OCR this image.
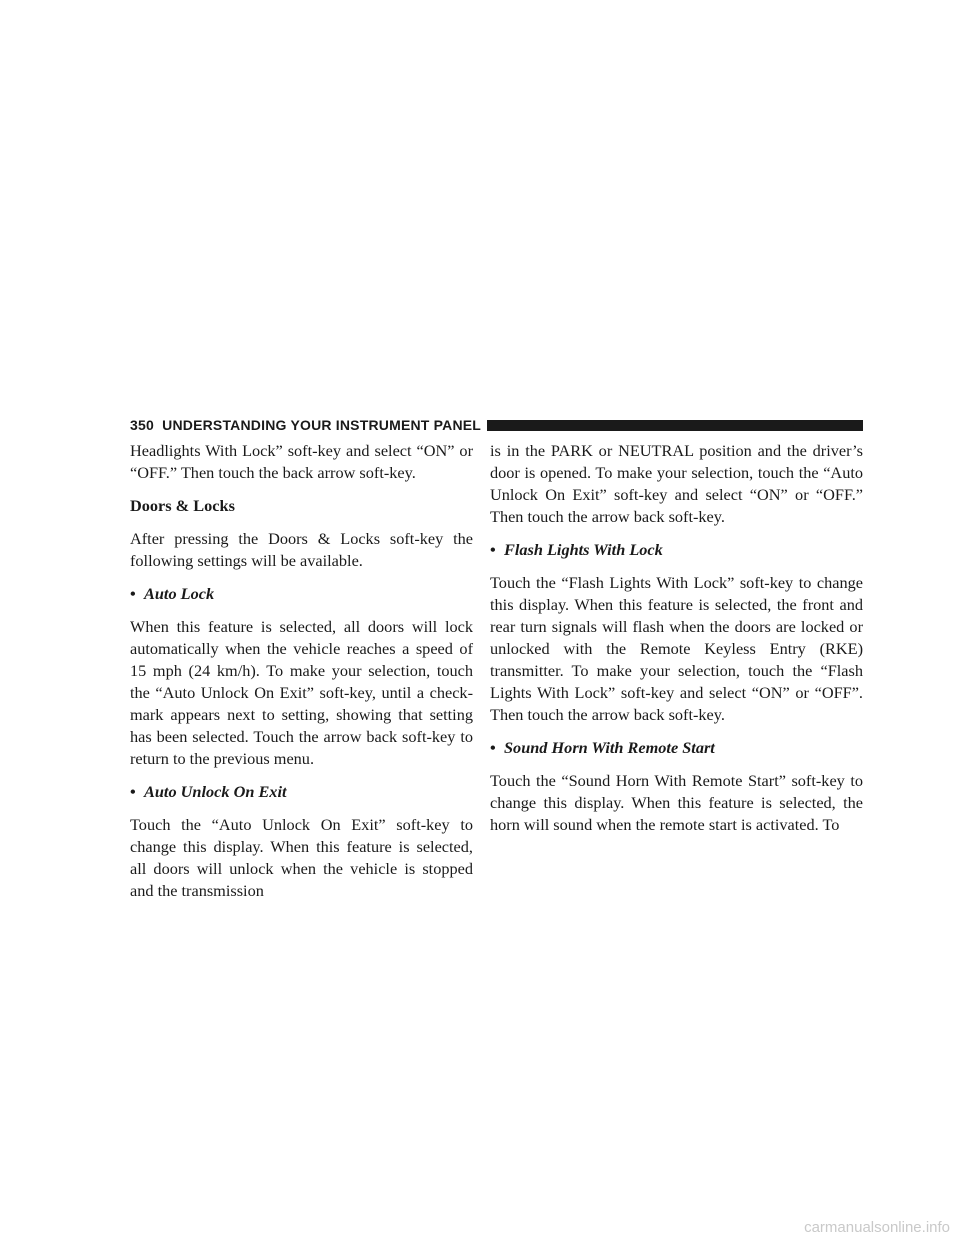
350 UNDERSTANDING YOUR INSTRUMENT PANEL

Headlights With Lock” soft-key and select “ON” or “OFF.” Then touch the back arrow soft-key.

Doors & Locks

After pressing the Doors & Locks soft-key the following settings will be available.

• Auto Lock

When this feature is selected, all doors will lock automatically when the vehicle reaches a speed of 15 mph (24 km/h). To make your selection, touch the “Auto Unlock On Exit” soft-key, until a check-mark appears next to setting, showing that setting has been selected. Touch the arrow back soft-key to return to the previous menu.

• Auto Unlock On Exit

Touch the “Auto Unlock On Exit” soft-key to change this display. When this feature is selected, all doors will unlock when the vehicle is stopped and the transmission

is in the PARK or NEUTRAL position and the driver’s door is opened. To make your selection, touch the “Auto Unlock On Exit” soft-key and select “ON” or “OFF.” Then touch the arrow back soft-key.

• Flash Lights With Lock

Touch the “Flash Lights With Lock” soft-key to change this display. When this feature is selected, the front and rear turn signals will flash when the doors are locked or unlocked with the Remote Keyless Entry (RKE) transmitter. To make your selection, touch the “Flash Lights With Lock” soft-key and select “ON” or “OFF”. Then touch the arrow back soft-key.

• Sound Horn With Remote Start

Touch the “Sound Horn With Remote Start” soft-key to change this display. When this feature is selected, the horn will sound when the remote start is activated. To

carmanualsonline.info
